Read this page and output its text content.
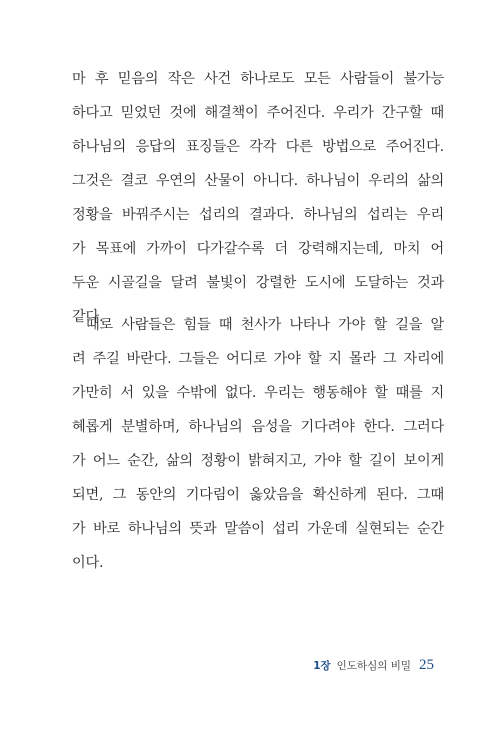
마 후 믿음의 작은 사건 하나로도 모든 사람들이 불가능
하다고 믿었던 것에 해결책이 주어진다. 우리가 간구할 때
하나님의 응답의 표징들은 각각 다른 방법으로 주어진다.
그것은 결코 우연의 산물이 아니다. 하나님이 우리의 삶의
정황을 바꿔주시는 섭리의 결과다. 하나님의 섭리는 우리
가 목표에 가까이 다가갈수록 더 강력해지는데, 마치 어
두운 시골길을 달려 불빛이 강렬한 도시에 도달하는 것과
같다.
때로 사람들은 힘들 때 천사가 나타나 가야 할 길을 알
려 주길 바란다. 그들은 어디로 가야 할 지 몰라 그 자리에
가만히 서 있을 수밖에 없다. 우리는 행동해야 할 때를 지
혜롭게 분별하며, 하나님의 음성을 기다려야 한다. 그러다
가 어느 순간, 삶의 정황이 밝혀지고, 가야 할 길이 보이게
되면, 그 동안의 기다림이 옳았음을 확신하게 된다. 그때
가 바로 하나님의 뜻과 말씀이 섭리 가운데 실현되는 순간
이다.
1장 인도하심의 비밀 25
